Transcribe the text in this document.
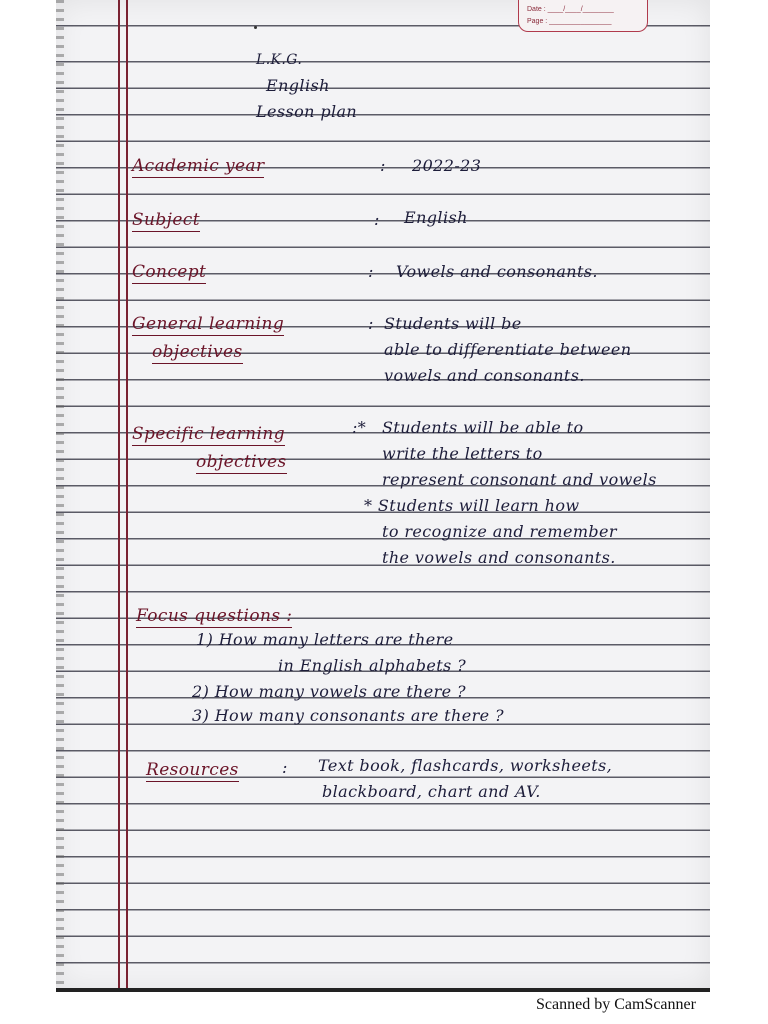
Date : ____/____/________
Page : ________________
L.K.G.
English
Lesson plan
Academic year	: 2022-23
Subject	: English
Concept	: Vowels and consonants.
General learning
objectives
: Students will be
able to differentiate between
vowels and consonants.
Specific learning
objectives
:* Students will be able to
write the letters to
represent consonant and vowels
* Students will learn how
to recognize and remember
the vowels and consonants.
Focus questions :
1) How many letters are there
in English alphabets ?
2) How many vowels are there ?
3) How many consonants are there ?
Resources	: Text book, flashcards, worksheets,
blackboard, chart and AV.
Scanned by CamScanner
